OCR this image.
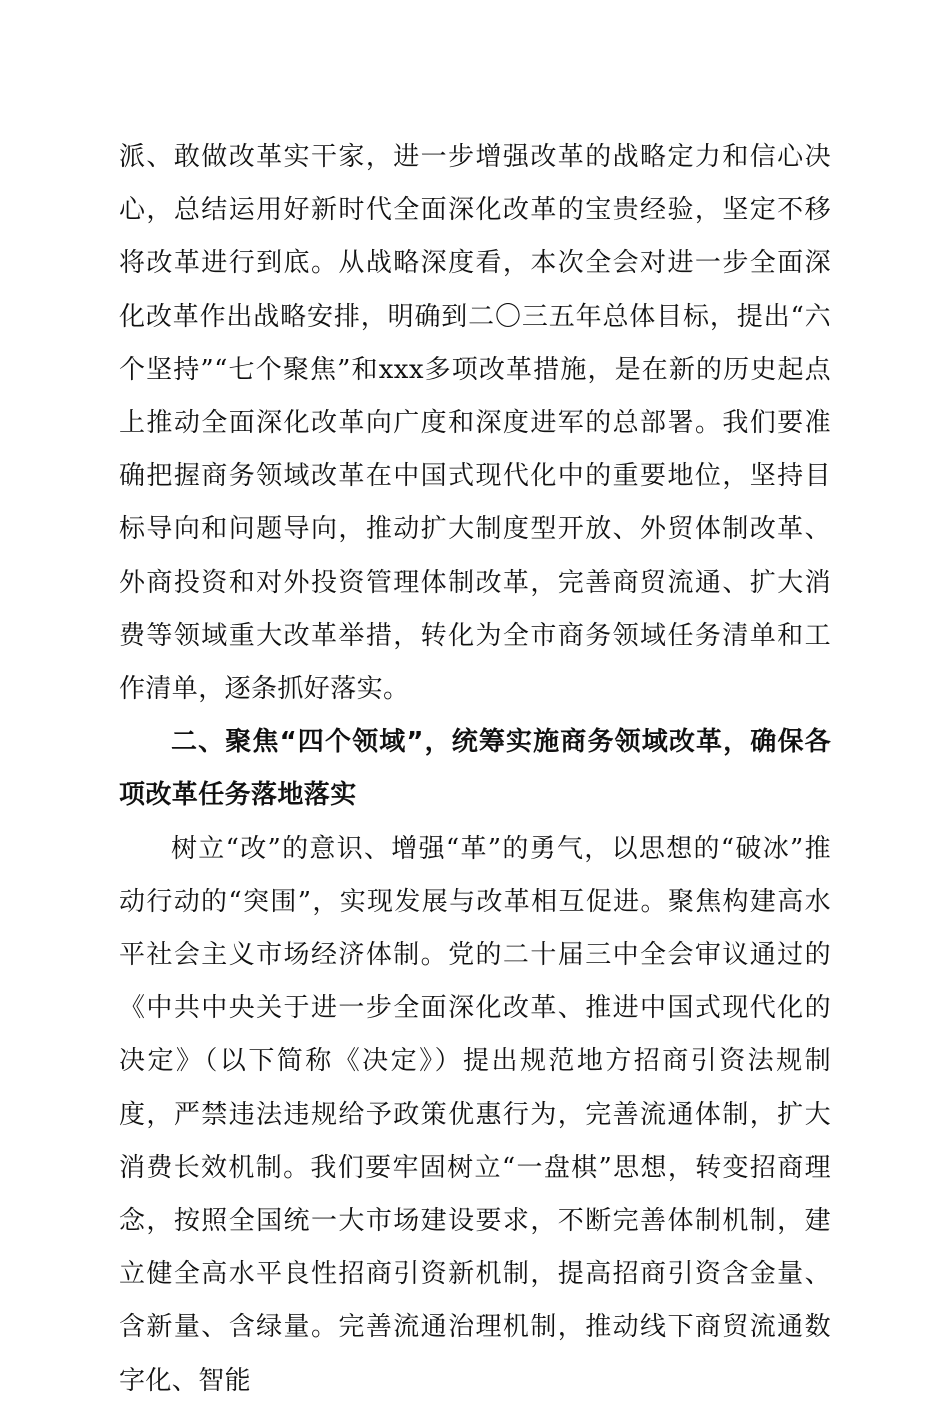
派、敢做改革实干家，进一步增强改革的战略定力和信心决心，总结运用好新时代全面深化改革的宝贵经验，坚定不移将改革进行到底。从战略深度看，本次全会对进一步全面深化改革作出战略安排，明确到二〇三五年总体目标，提出“六个坚持”“七个聚焦”和xxx多项改革措施，是在新的历史起点上推动全面深化改革向广度和深度进军的总部署。我们要准确把握商务领域改革在中国式现代化中的重要地位，坚持目标导向和问题导向，推动扩大制度型开放、外贸体制改革、外商投资和对外投资管理体制改革，完善商贸流通、扩大消费等领域重大改革举措，转化为全市商务领域任务清单和工作清单，逐条抓好落实。

二、聚焦“四个领域”，统筹实施商务领域改革，确保各项改革任务落地落实

树立“改”的意识、增强“革”的勇气，以思想的“破冰”推动行动的“突围”，实现发展与改革相互促进。聚焦构建高水平社会主义市场经济体制。党的二十届三中全会审议通过的《中共中央关于进一步全面深化改革、推进中国式现代化的决定》（以下简称《决定》）提出规范地方招商引资法规制度，严禁违法违规给予政策优惠行为，完善流通体制，扩大消费长效机制。我们要牢固树立“一盘棋”思想，转变招商理念，按照全国统一大市场建设要求，不断完善体制机制，建立健全高水平良性招商引资新机制，提高招商引资含金量、含新量、含绿量。完善流通治理机制，推动线下商贸流通数字化、智能
